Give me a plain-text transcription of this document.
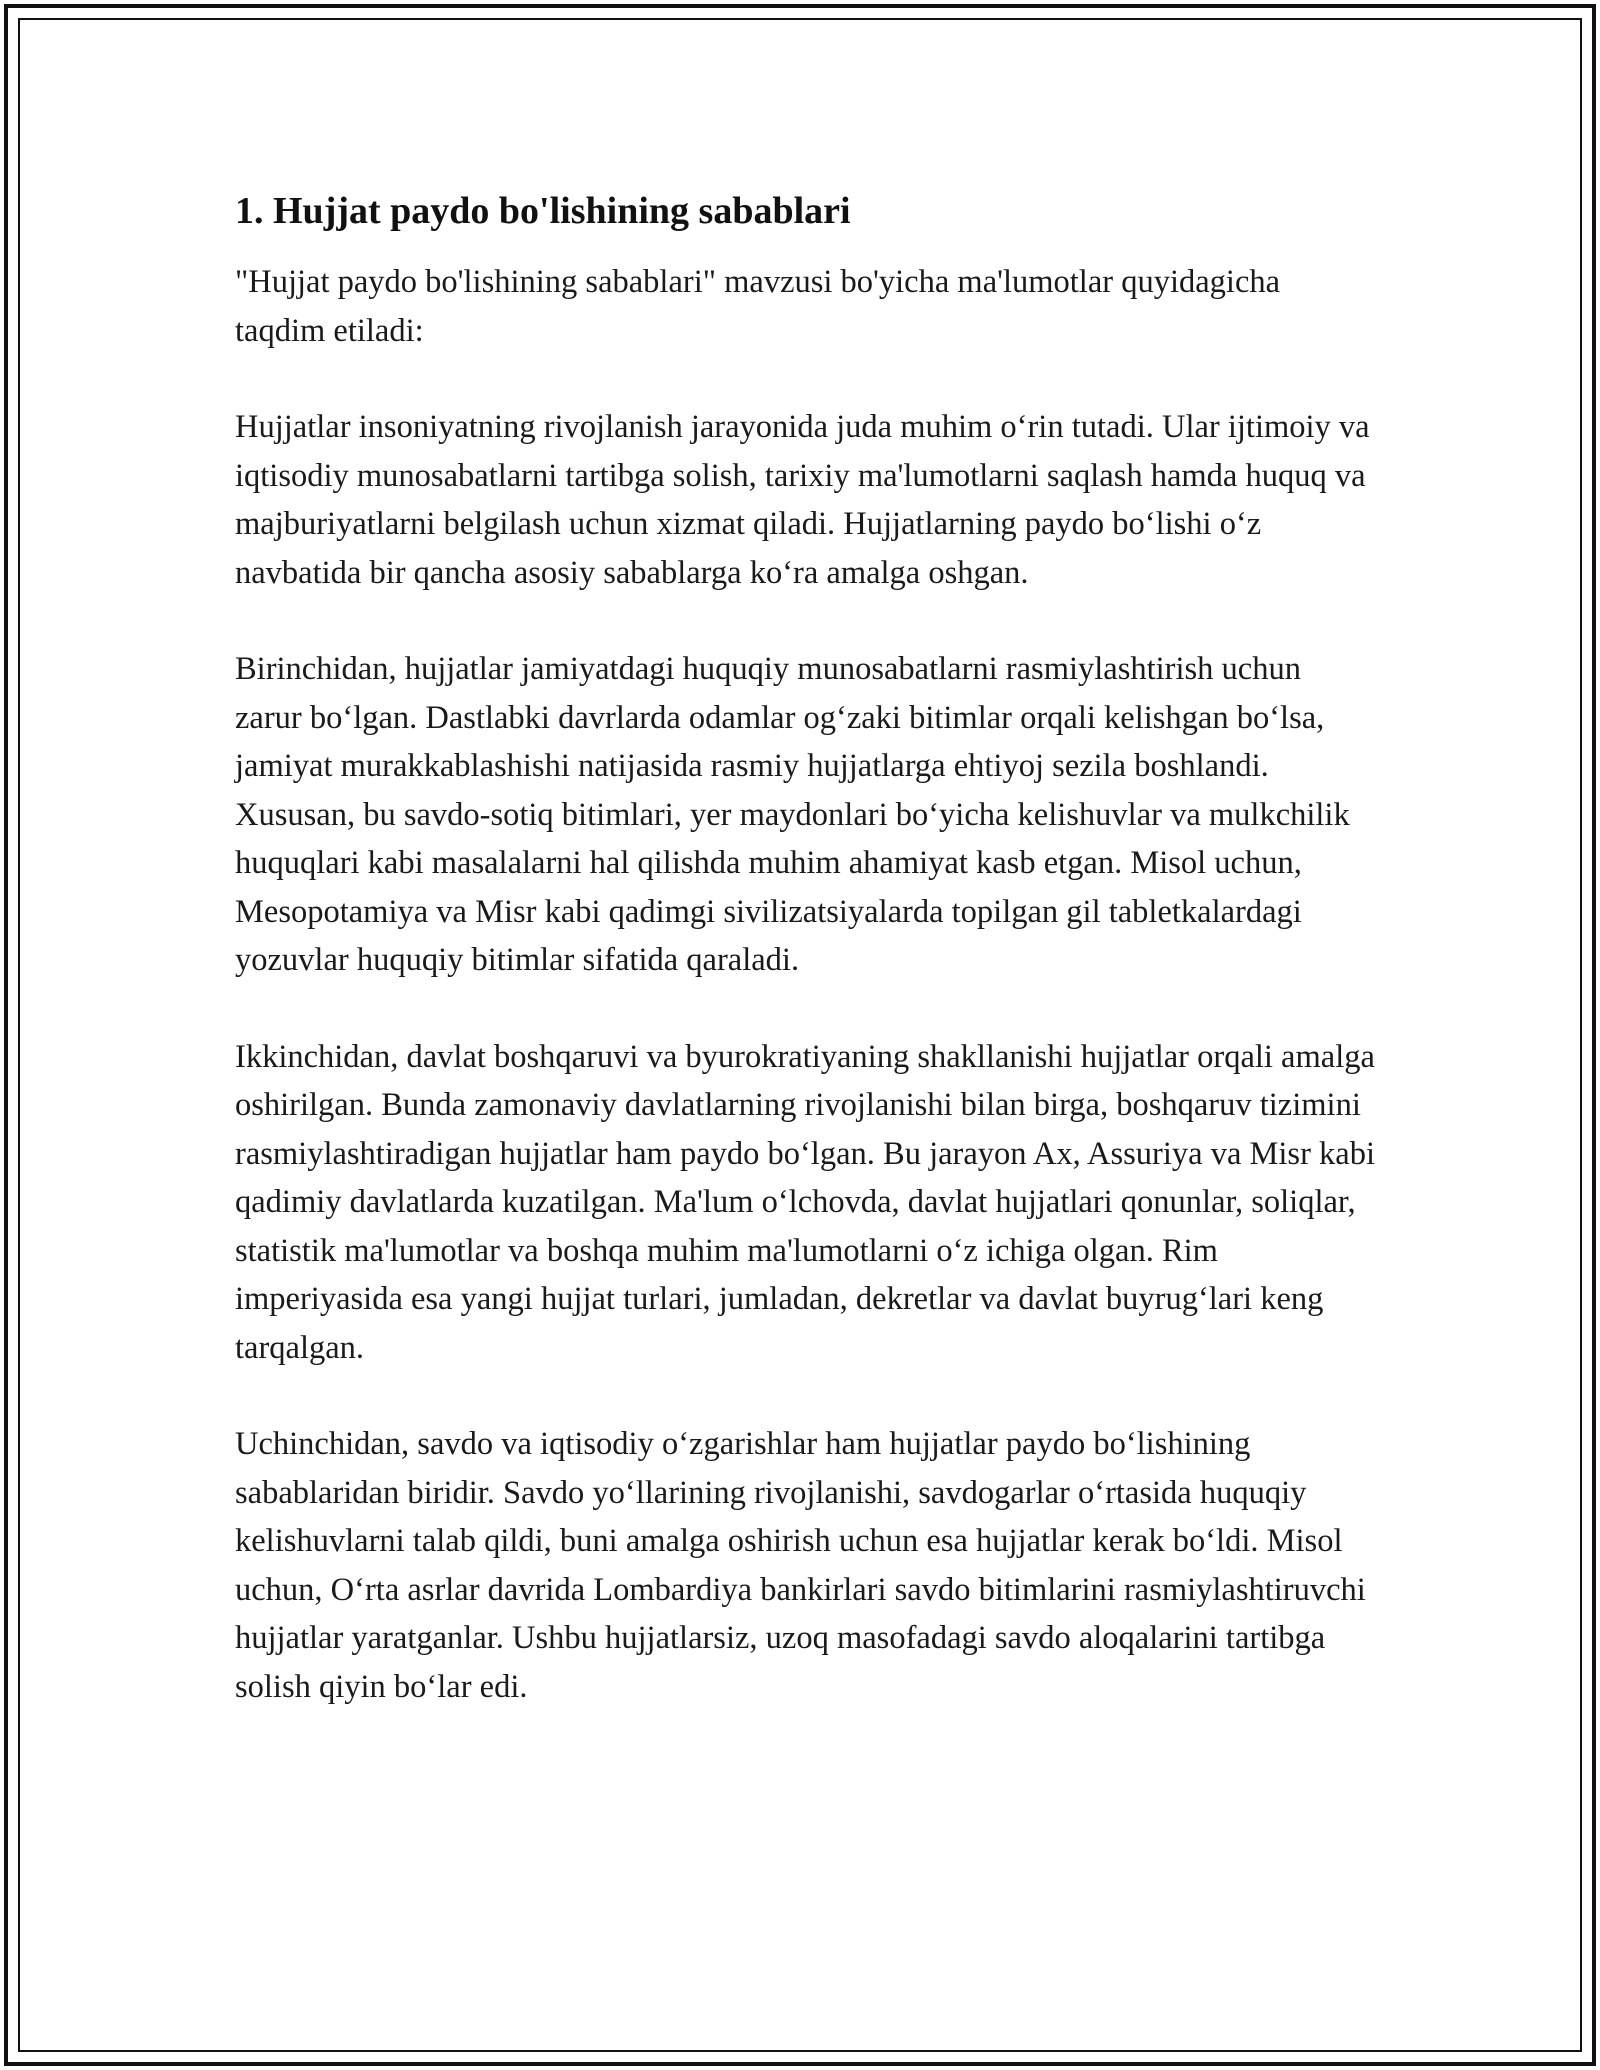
1. Hujjat paydo bo'lishining sabablari

"Hujjat paydo bo'lishining sabablari" mavzusi bo'yicha ma'lumotlar quyidagicha taqdim etiladi:

Hujjatlar insoniyatning rivojlanish jarayonida juda muhim o‘rin tutadi. Ular ijtimoiy va iqtisodiy munosabatlarni tartibga solish, tarixiy ma'lumotlarni saqlash hamda huquq va majburiyatlarni belgilash uchun xizmat qiladi. Hujjatlarning paydo bo‘lishi o‘z navbatida bir qancha asosiy sabablarga ko‘ra amalga oshgan.

Birinchidan, hujjatlar jamiyatdagi huquqiy munosabatlarni rasmiylashtirish uchun zarur bo‘lgan. Dastlabki davrlarda odamlar og‘zaki bitimlar orqali kelishgan bo‘lsa, jamiyat murakkablashishi natijasida rasmiy hujjatlarga ehtiyoj sezila boshlandi. Xususan, bu savdo-sotiq bitimlari, yer maydonlari bo‘yicha kelishuvlar va mulkchilik huquqlari kabi masalalarni hal qilishda muhim ahamiyat kasb etgan. Misol uchun, Mesopotamiya va Misr kabi qadimgi sivilizatsiyalarda topilgan gil tabletkalardagi yozuvlar huquqiy bitimlar sifatida qaraladi.

Ikkinchidan, davlat boshqaruvi va byurokratiyaning shakllanishi hujjatlar orqali amalga oshirilgan. Bunda zamonaviy davlatlarning rivojlanishi bilan birga, boshqaruv tizimini rasmiylashtiradigan hujjatlar ham paydo bo‘lgan. Bu jarayon Ax, Assuriya va Misr kabi qadimiy davlatlarda kuzatilgan. Ma'lum o‘lchovda, davlat hujjatlari qonunlar, soliqlar, statistik ma'lumotlar va boshqa muhim ma'lumotlarni o‘z ichiga olgan. Rim imperiyasida esa yangi hujjat turlari, jumladan, dekretlar va davlat buyrug‘lari keng tarqalgan.

Uchinchidan, savdo va iqtisodiy o‘zgarishlar ham hujjatlar paydo bo‘lishining sabablaridan biridir. Savdo yo‘llarining rivojlanishi, savdogarlar o‘rtasida huquqiy kelishuvlarni talab qildi, buni amalga oshirish uchun esa hujjatlar kerak bo‘ldi. Misol uchun, O‘rta asrlar davrida Lombardiya bankirlari savdo bitimlarini rasmiylashtiruvchi hujjatlar yaratganlar. Ushbu hujjatlarsiz, uzoq masofadagi savdo aloqalarini tartibga solish qiyin bo‘lar edi.
